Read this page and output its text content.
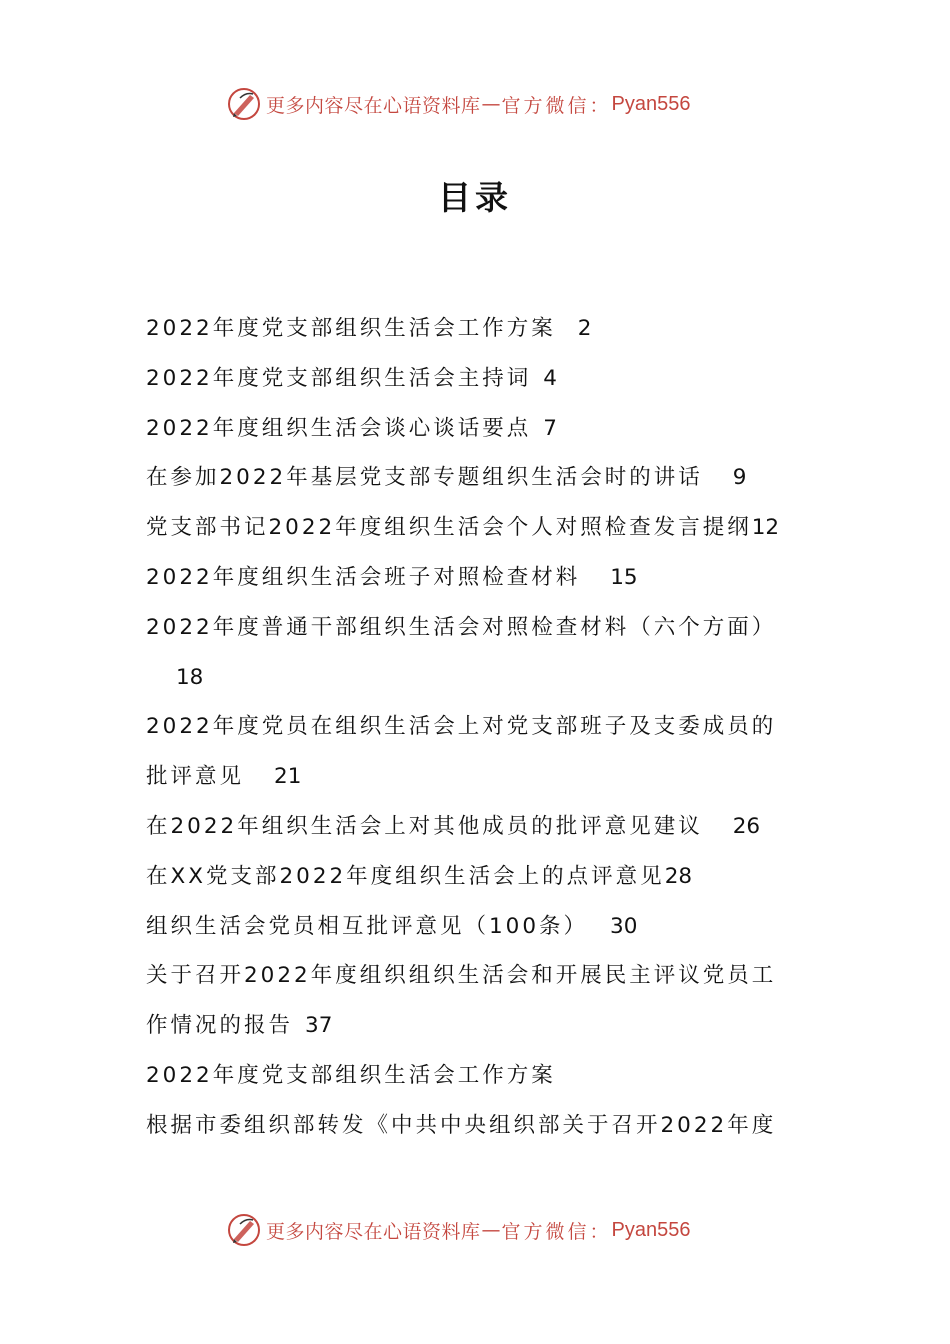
更多内容尽在心语资料库 — 官方微信： Pyan556
目录
2022年度党支部组织生活会工作方案 2
2022年度党支部组织生活会主持词 4
2022年度组织生活会谈心谈话要点 7
在参加2022年基层党支部专题组织生活会时的讲话 9
党支部书记2022年度组织生活会个人对照检查发言提纲12
2022年度组织生活会班子对照检查材料 15
2022年度普通干部组织生活会对照检查材料（六个方面）
18
2022年度党员在组织生活会上对党支部班子及支委成员的
批评意见 21
在2022年组织生活会上对其他成员的批评意见建议 26
在XX党支部2022年度组织生活会上的点评意见28
组织生活会党员相互批评意见（100条） 30
关于召开2022年度组织组织生活会和开展民主评议党员工
作情况的报告 37
2022年度党支部组织生活会工作方案
根据市委组织部转发《中共中央组织部关于召开2022年度
更多内容尽在心语资料库 — 官方微信： Pyan556
